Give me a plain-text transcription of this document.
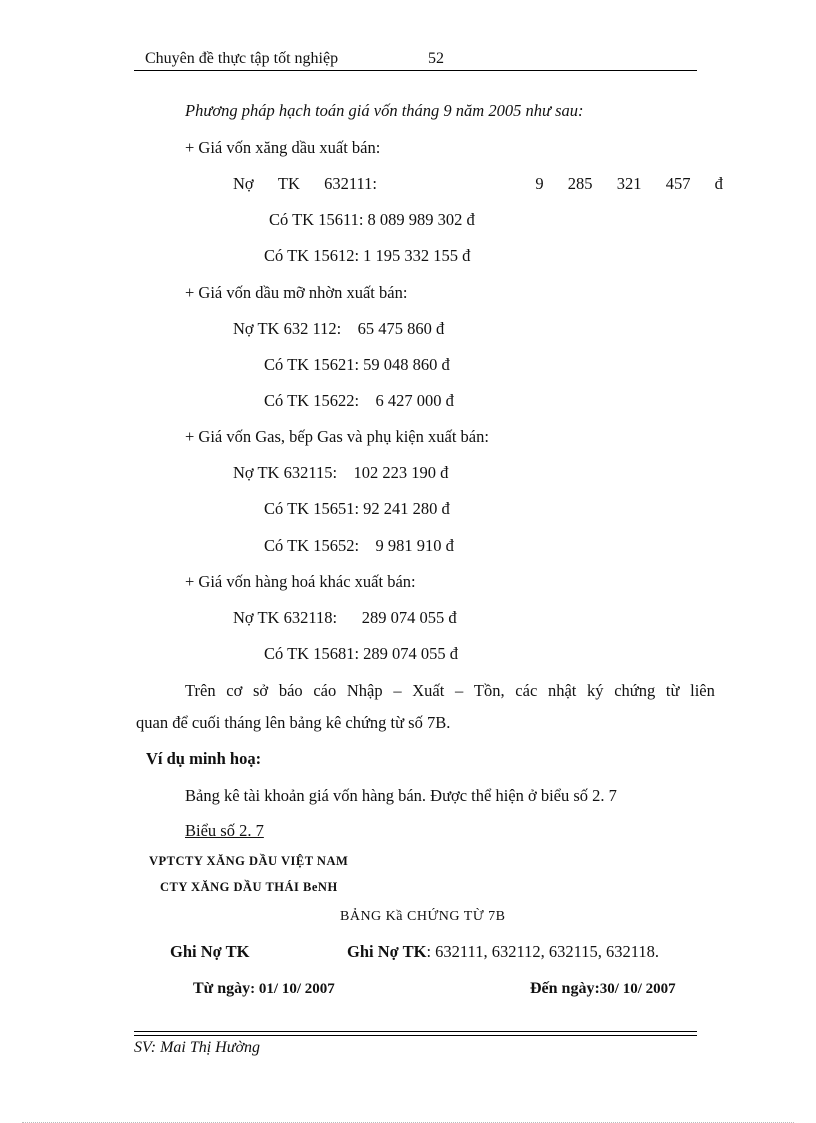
Chuyên đề thực tập tốt nghiệp	52
Phương pháp hạch toán giá vốn tháng 9 năm 2005 như sau:
+ Giá vốn xăng dầu xuất bán:
Nợ TK 632111:	9 285 321 457 đ
Có TK 15611: 8 089 989 302 đ
Có TK 15612: 1 195 332 155 đ
+ Giá vốn dầu mỡ nhờn xuất bán:
Nợ TK 632 112:    65 475 860 đ
Có TK 15621: 59 048 860 đ
Có TK 15622:    6 427 000 đ
+ Giá vốn Gas, bếp Gas và phụ kiện xuất bán:
Nợ TK 632115:    102 223 190 đ
Có TK 15651: 92 241 280 đ
Có TK 15652:    9 981 910 đ
+ Giá vốn hàng hoá khác xuất bán:
Nợ TK 632118:      289 074 055 đ
Có TK 15681: 289 074 055 đ
Trên cơ sở báo cáo Nhập – Xuất – Tồn, các nhật ký chứng từ liên
quan để cuối tháng lên bảng kê chứng từ số 7B.
Ví dụ minh hoạ:
Bảng kê tài khoản giá vốn hàng bán. Được thể hiện ở biểu số 2. 7
Biểu số 2. 7
VPTCTY XĂNG DẦU VIỆT NAM
CTY XĂNG DẦU THÁI BeNH
BẢNG Kầ CHỨNG TỪ 7B
Ghi Nợ TK	Ghi Nợ TK: 632111, 632112, 632115, 632118.
Từ ngày: 01/ 10/ 2007	Đến ngày:30/ 10/ 2007
SV: Mai Thị Hường
